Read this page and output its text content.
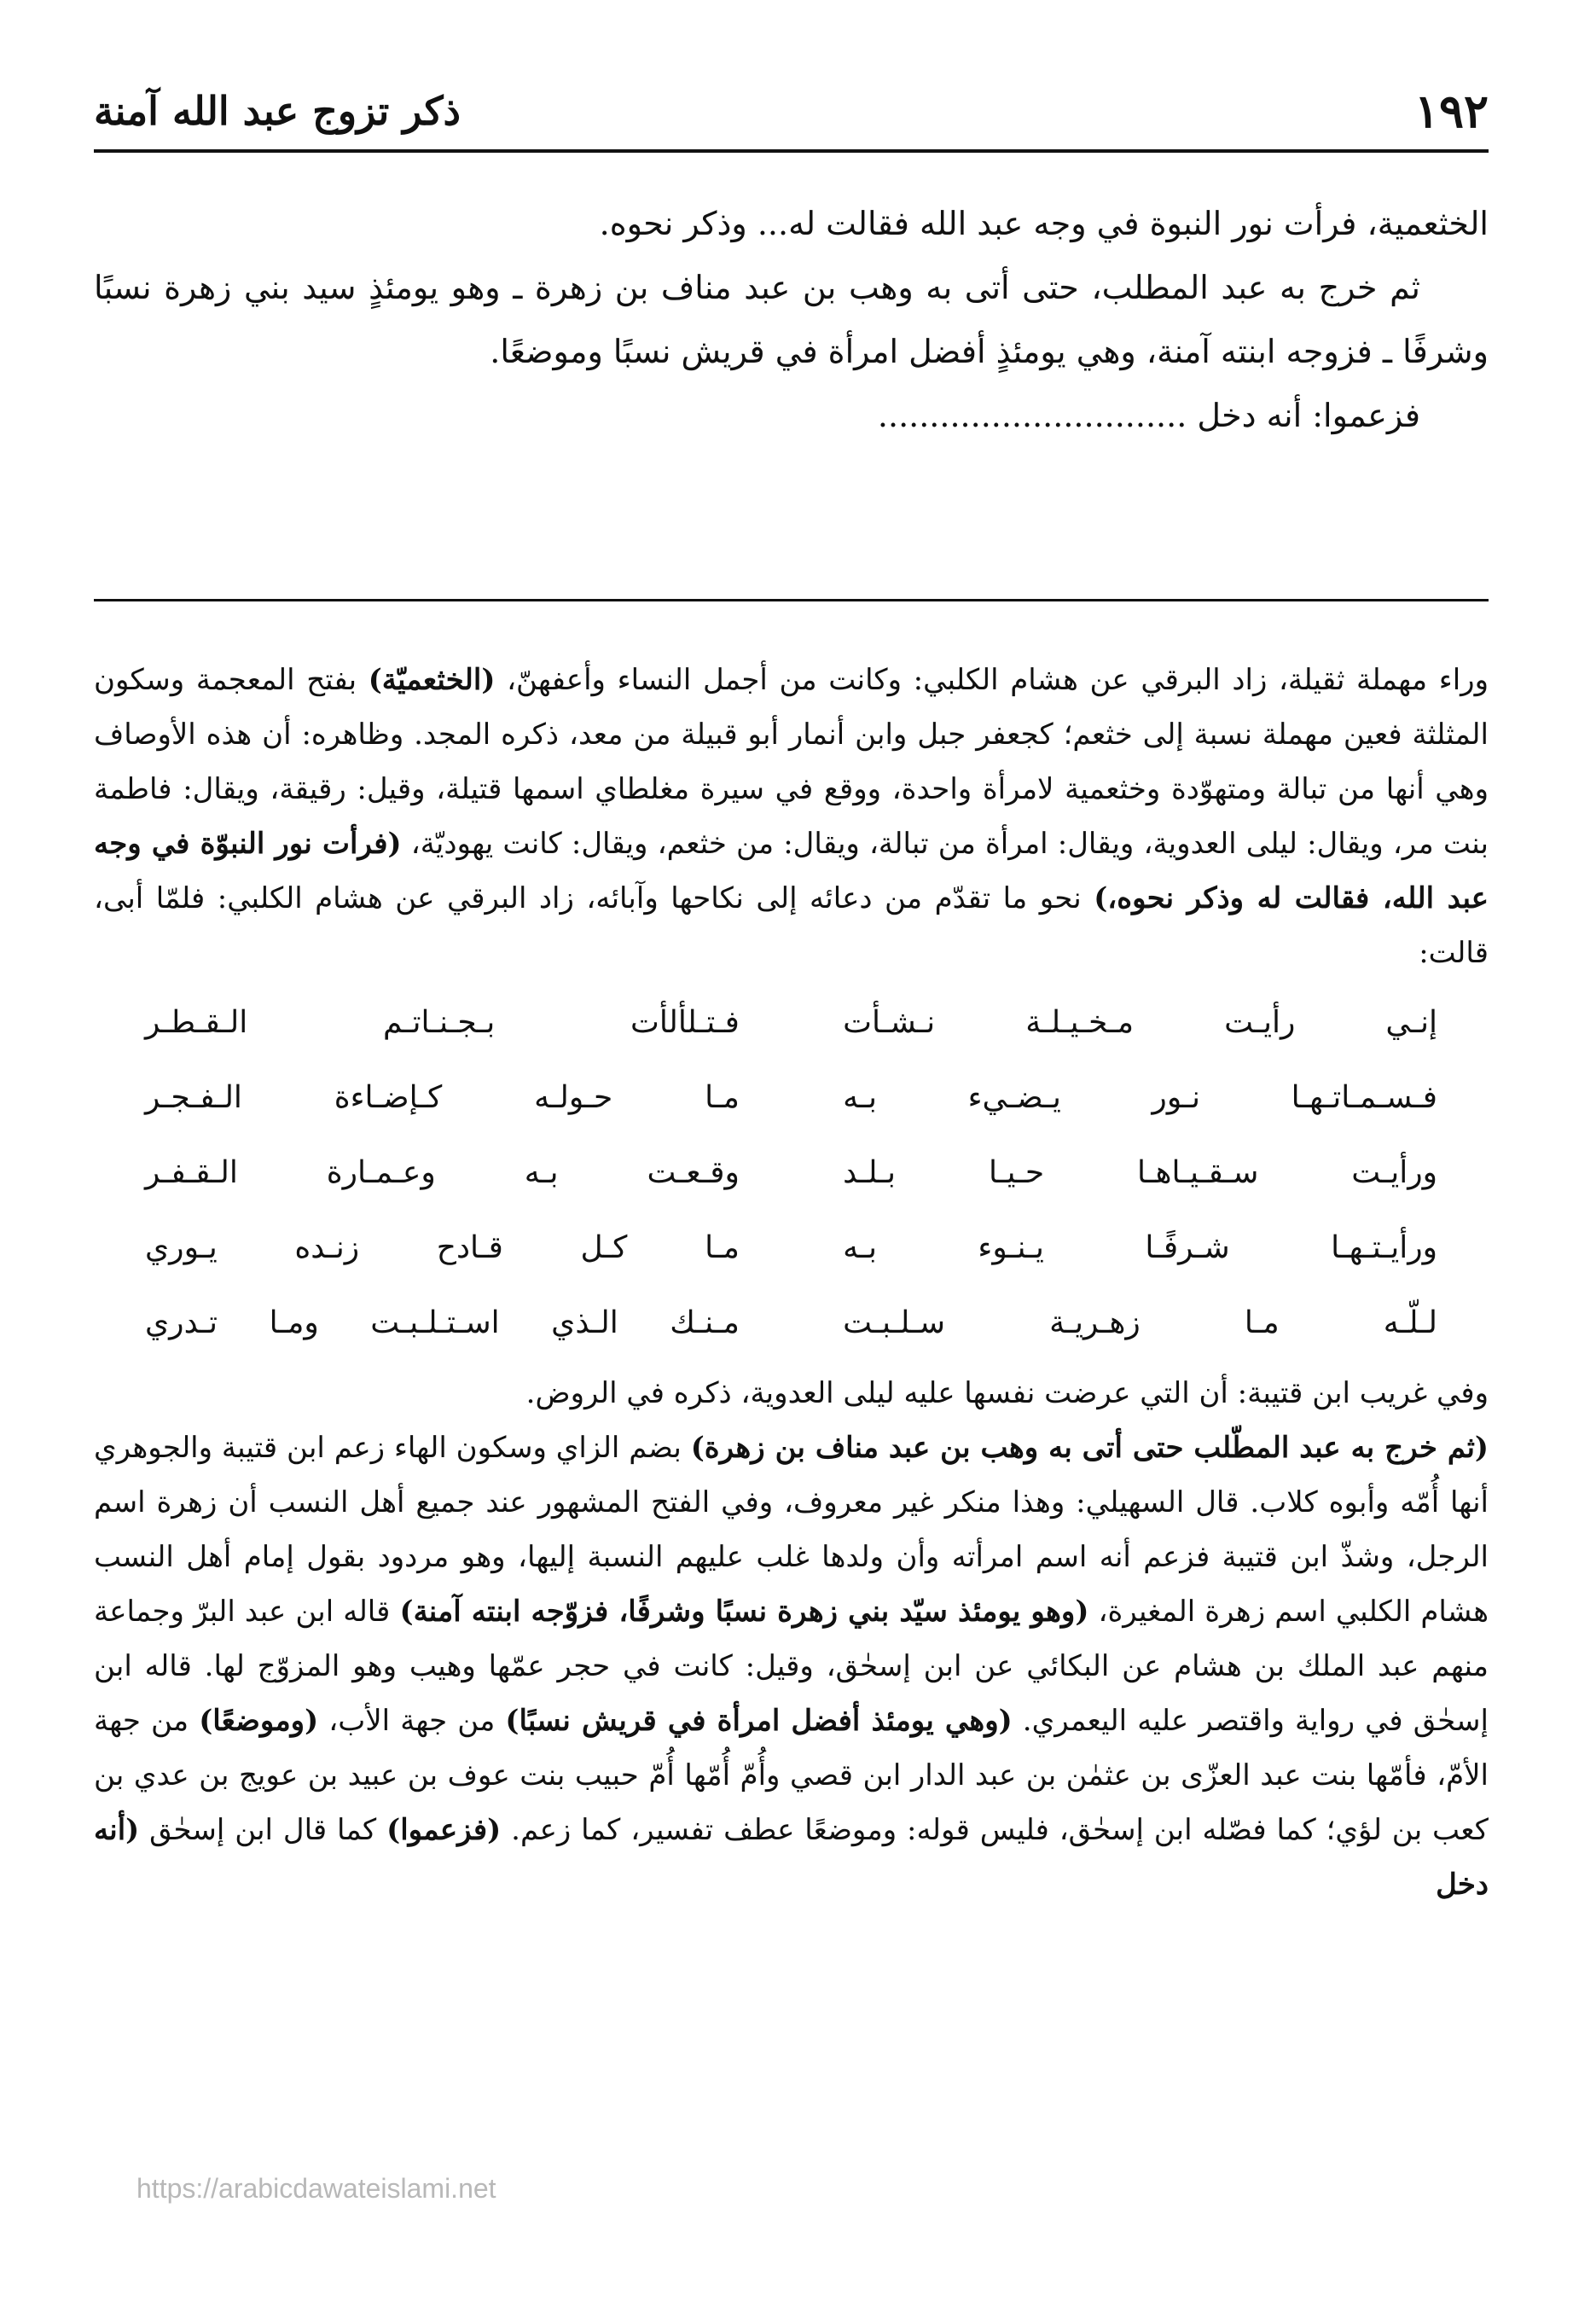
١٩٢
ذكر تزوج عبد الله آمنة

الخثعمية، فرأت نور النبوة في وجه عبد الله فقالت له... وذكر نحوه.

ثم خرج به عبد المطلب، حتى أتى به وهب بن عبد مناف بن زهرة ـ وهو يومئذٍ سيد بني زهرة نسبًا وشرفًا ـ فزوجه ابنته آمنة، وهي يومئذٍ أفضل امرأة في قريش نسبًا وموضعًا.

فزعموا: أنه دخل ..............................

وراء مهملة ثقيلة، زاد البرقي عن هشام الكلبي: وكانت من أجمل النساء وأعفهنّ، (الخثعميّة) بفتح المعجمة وسكون المثلثة فعين مهملة نسبة إلى خثعم؛ كجعفر جبل وابن أنمار أبو قبيلة من معد، ذكره المجد. وظاهره: أن هذه الأوصاف وهي أنها من تبالة ومتهوّدة وخثعمية لامرأة واحدة، ووقع في سيرة مغلطاي اسمها قتيلة، وقيل: رقيقة، ويقال: فاطمة بنت مر، ويقال: ليلى العدوية، ويقال: امرأة من تبالة، ويقال: من خثعم، ويقال: كانت يهوديّة، (فرأت نور النبوّة في وجه عبد الله، فقالت له وذكر نحوه،) نحو ما تقدّم من دعائه إلى نكاحها وآبائه، زاد البرقي عن هشام الكلبي: فلمّا أبى، قالت:

إنـي رأيـت مـخـيـلـة نـشـأت
فـتـلألأت بـجـنـاتـم الـقـطـر
فـسـمـاتـهـا نـور يـضـيء بـه
مـا حـولـه كـإضـاءة الـفـجـر
ورأيـت سـقـيـاهـا حـيـا بـلـد
وقـعـت بـه وعـمـارة الـقـفـر
ورأيـتـهـا شـرفًـا يـنـوء بـه
مـا كـل قـادح زنـده يـوري
لـلّـه مـا زهـريـة سـلـبـت
مـنـك الـذي اسـتـلـبـت ومـا تـدري

وفي غريب ابن قتيبة: أن التي عرضت نفسها عليه ليلى العدوية، ذكره في الروض.

(ثم خرج به عبد المطّلب حتى أتى به وهب بن عبد مناف بن زهرة) بضم الزاي وسكون الهاء زعم ابن قتيبة والجوهري أنها أُمّه وأبوه كلاب. قال السهيلي: وهذا منكر غير معروف، وفي الفتح المشهور عند جميع أهل النسب أن زهرة اسم الرجل، وشذّ ابن قتيبة فزعم أنه اسم امرأته وأن ولدها غلب عليهم النسبة إليها، وهو مردود بقول إمام أهل النسب هشام الكلبي اسم زهرة المغيرة، (وهو يومئذ سيّد بني زهرة نسبًا وشرفًا، فزوّجه ابنته آمنة) قاله ابن عبد البرّ وجماعة منهم عبد الملك بن هشام عن البكائي عن ابن إسحٰق، وقيل: كانت في حجر عمّها وهيب وهو المزوّج لها. قاله ابن إسحٰق في رواية واقتصر عليه اليعمري. (وهي يومئذ أفضل امرأة في قريش نسبًا) من جهة الأب، (وموضعًا) من جهة الأمّ، فأمّها بنت عبد العزّى بن عثمٰن بن عبد الدار ابن قصي وأُمّ أُمّها أُمّ حبيب بنت عوف بن عبيد بن عويج بن عدي بن كعب بن لؤي؛ كما فصّله ابن إسحٰق، فليس قوله: وموضعًا عطف تفسير، كما زعم. (فزعموا) كما قال ابن إسحٰق (أنه دخل

https://arabicdawateislami.net
